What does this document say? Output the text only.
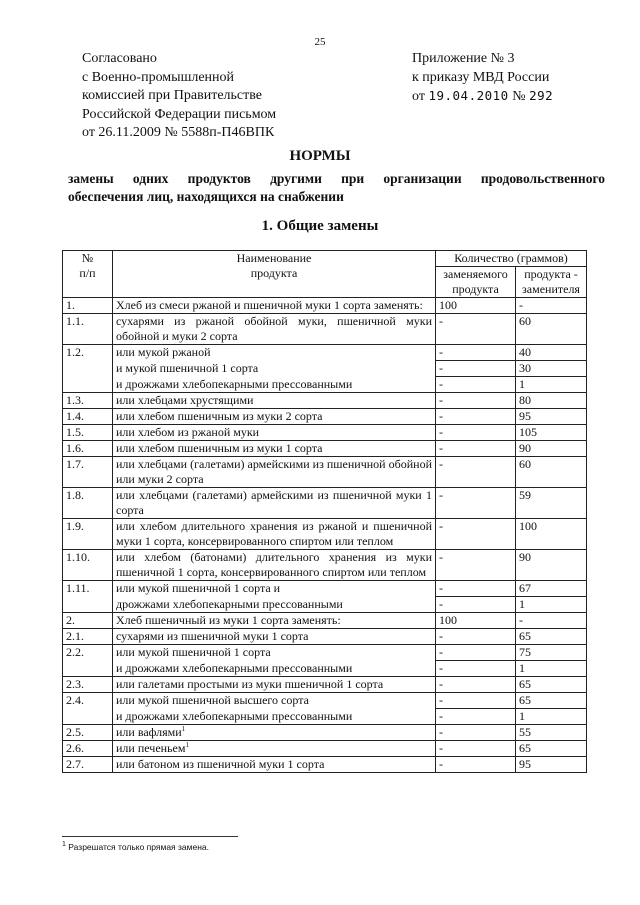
25
Согласовано
с Военно-промышленной
комиссией при Правительстве
Российской Федерации письмом
от 26.11.2009 № 5588п-П46ВПК
Приложение № 3
к приказу МВД России
от 19.04.2010 № 292
НОРМЫ
замены одних продуктов другими при организации продовольственного
обеспечения лиц, находящихся на снабжении
1. Общие замены
№
п/п

Наименование
продукта
	Количество (граммов)
		заменяемого продукта	продукта - заменителя
1.	Хлеб из смеси ржаной и пшеничной муки 1 сорта заменять:	100	-
1.1.	сухарями из ржаной обойной муки, пшеничной муки обойной и муки 2 сорта	-	60
1.2.	или мукой ржаной	-	40
	и мукой пшеничной 1 сорта	-	30
	и дрожжами хлебопекарными прессованными	-	1
1.3.	или хлебцами хрустящими	-	80
1.4.	или хлебом пшеничным из муки 2 сорта	-	95
1.5.	или хлебом из ржаной муки	-	105
1.6.	или хлебом пшеничным из муки 1 сорта	-	90
1.7.	или хлебцами (галетами) армейскими из пшеничной обойной или муки 2 сорта	-	60
1.8.	или хлебцами (галетами) армейскими из пшеничной муки 1 сорта	-	59
1.9.	или хлебом длительного хранения из ржаной и пшеничной муки 1 сорта, консервированного спиртом или теплом	-	100
1.10.	или хлебом (батонами) длительного хранения из муки пшеничной 1 сорта, консервированного спиртом или теплом	-	90
1.11.	или мукой пшеничной 1 сорта и	-	67
	дрожжами хлебопекарными прессованными	-	1
2.	Хлеб пшеничный из муки 1 сорта заменять:	100	-
2.1.	сухарями из пшеничной муки 1 сорта	-	65
2.2.	или мукой пшеничной 1 сорта	-	75
	и дрожжами хлебопекарными прессованными	-	1
2.3.	или галетами простыми из муки пшеничной 1 сорта	-	65
2.4.	или мукой пшеничной высшего сорта	-	65
	и дрожжами хлебопекарными прессованными	-	1
2.5.	или вафлями$^1$	-	55
2.6.	или печеньем$^1$	-	65
2.7.	или батоном из пшеничной муки 1 сорта	-	95
$^1$ Разрешатся только прямая замена.
